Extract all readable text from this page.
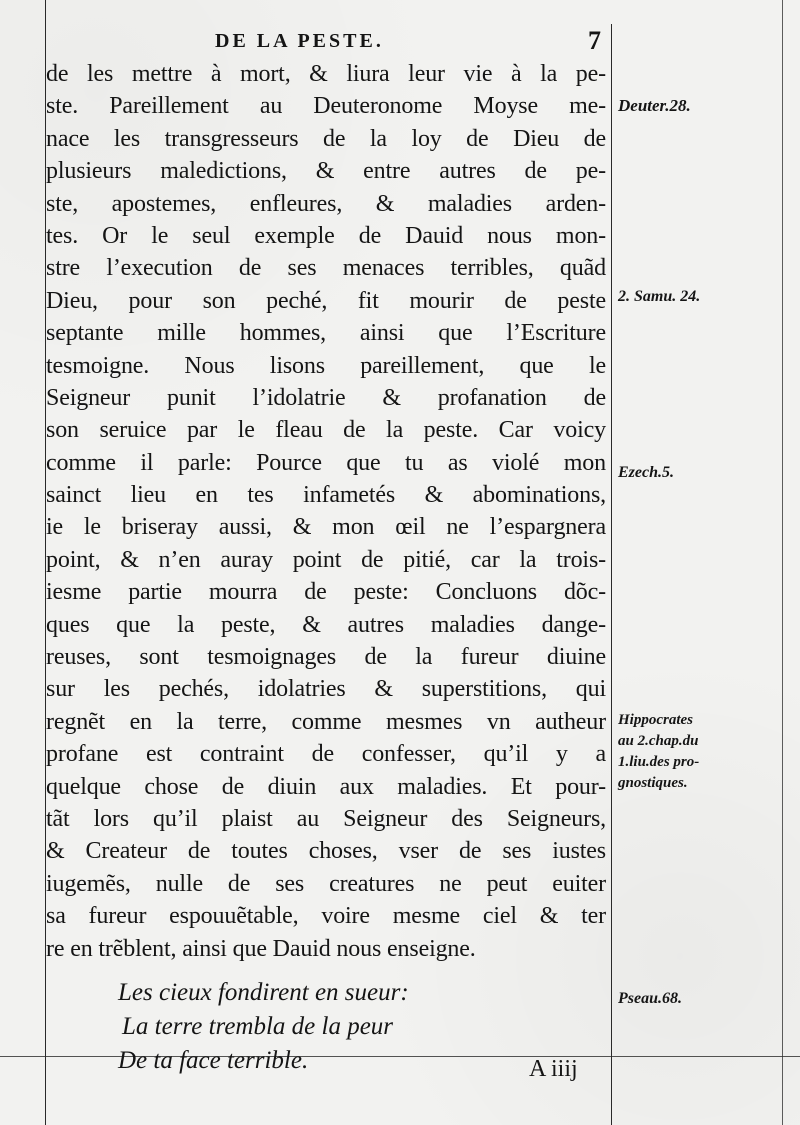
DE LA PESTE.	7
de les mettre à mort, & liura leur vie à la pe-
ste. Pareillement au Deuteronome Moyse me-
nace les transgresseurs de la loy de Dieu de
plusieurs maledictions, & entre autres de pe-
ste, apostemes, enfleures, & maladies arden-
tes. Or le seul exemple de Dauid nous mon-
stre l’execution de ses menaces terribles, quãd
Dieu, pour son peché, fit mourir de peste
septante mille hommes, ainsi que l’Escriture
tesmoigne. Nous lisons pareillement, que le
Seigneur punit l’idolatrie & profanation de
son seruice par le fleau de la peste. Car voicy
comme il parle: Pource que tu as violé mon
sainct lieu en tes infametés & abominations,
ie le briseray aussi, & mon œil ne l’espargnera
point, & n’en auray point de pitié, car la trois-
iesme partie mourra de peste: Concluons dõc-
ques que la peste, & autres maladies dange-
reuses, sont tesmoignages de la fureur diuine
sur les pechés, idolatries & superstitions, qui
regnẽt en la terre, comme mesmes vn autheur
profane est contraint de confesser, qu’il y a
quelque chose de diuin aux maladies. Et pour-
tãt lors qu’il plaist au Seigneur des Seigneurs,
& Createur de toutes choses, vser de ses iustes
iugemẽs, nulle de ses creatures ne peut euiter
sa fureur espouuẽtable, voire mesme ciel & ter
re en trẽblent, ainsi que Dauid nous enseigne.
Les cieux fondirent en sueur:
La terre trembla de la peur
De ta face terrible.	A iiij
Deuter.28.
2. Samu. 24.
Ezech.5.
Hippocrates
au 2.chap.du
1.liu.des pro-
gnostiques.
Pseau.68.
